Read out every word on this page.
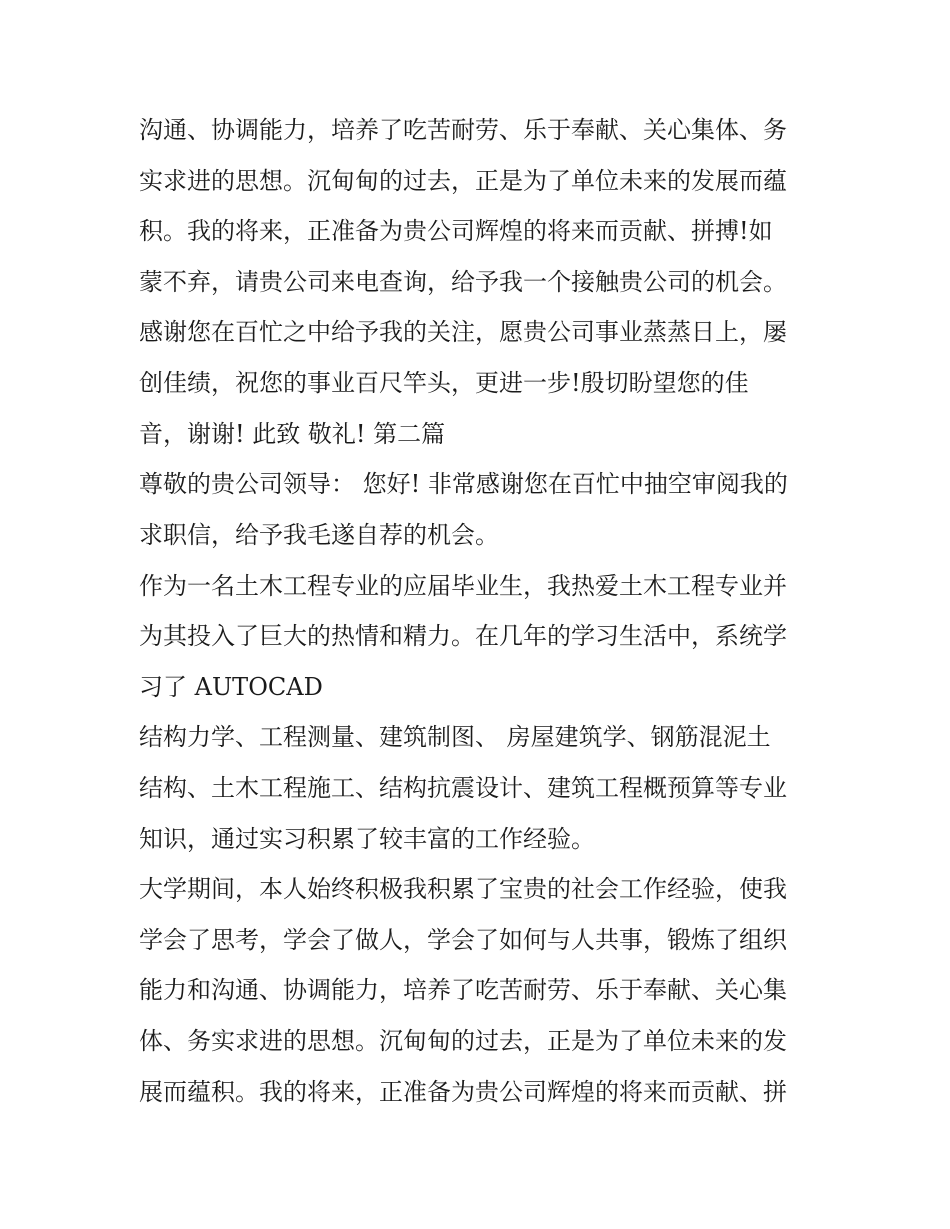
沟通、协调能力，培养了吃苦耐劳、乐于奉献、关心集体、务
实求进的思想。沉甸甸的过去，正是为了单位未来的发展而蕴
积。我的将来，正准备为贵公司辉煌的将来而贡献、拼搏!如
蒙不弃，请贵公司来电查询，给予我一个接触贵公司的机会。
感谢您在百忙之中给予我的关注，愿贵公司事业蒸蒸日上，屡
创佳绩，祝您的事业百尺竿头，更进一步!殷切盼望您的佳
音，谢谢! 此致 敬礼! 第二篇
尊敬的贵公司领导： 您好! 非常感谢您在百忙中抽空审阅我的
求职信，给予我毛遂自荐的机会。
作为一名土木工程专业的应届毕业生，我热爱土木工程专业并
为其投入了巨大的热情和精力。在几年的学习生活中，系统学
习了 AUTOCAD
结构力学、工程测量、建筑制图、 房屋建筑学、钢筋混泥土
结构、土木工程施工、结构抗震设计、建筑工程概预算等专业
知识，通过实习积累了较丰富的工作经验。
大学期间，本人始终积极我积累了宝贵的社会工作经验，使我
学会了思考，学会了做人，学会了如何与人共事，锻炼了组织
能力和沟通、协调能力，培养了吃苦耐劳、乐于奉献、关心集
体、务实求进的思想。沉甸甸的过去，正是为了单位未来的发
展而蕴积。我的将来，正准备为贵公司辉煌的将来而贡献、拼
